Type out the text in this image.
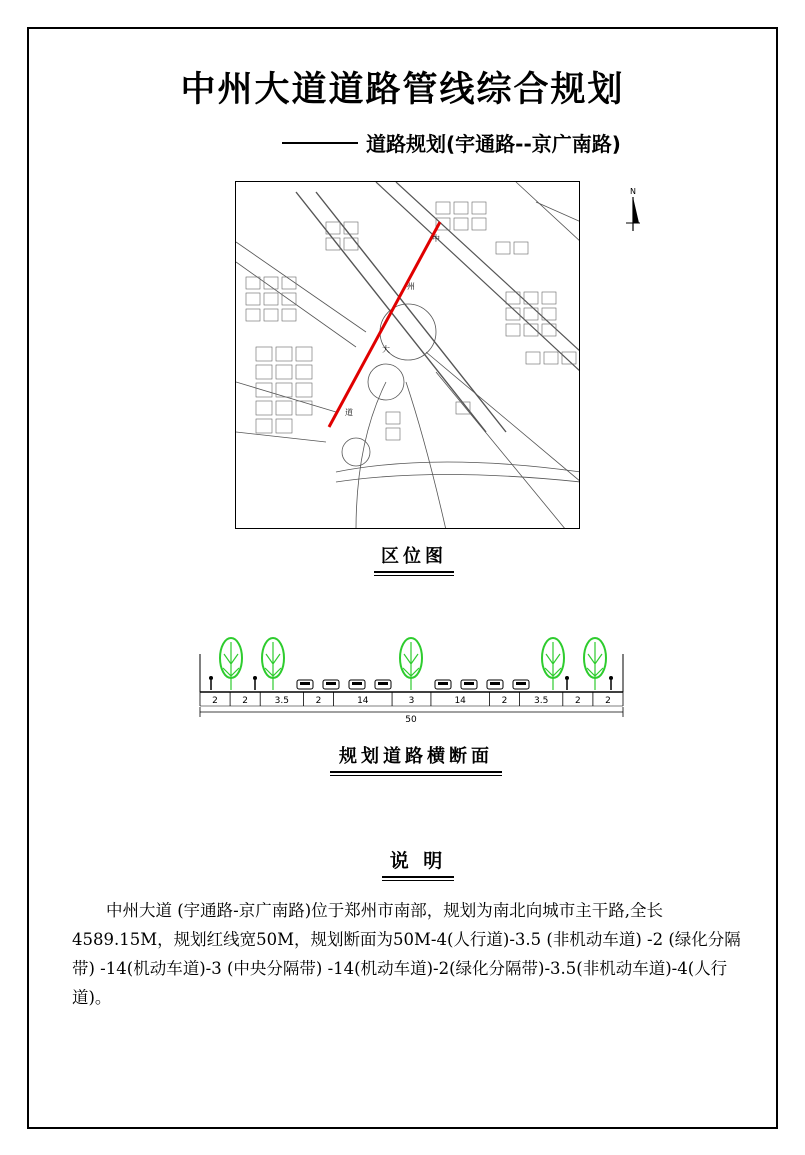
中州大道道路管线综合规划
道路规划(宇通路--京广南路)
中
州
大
道
N
区位图
2	2	3.5	2	14	3	14	2	3.5	2	2
50
规划道路横断面
说 明
中州大道 (宇通路-京广南路)位于郑州市南部，规划为南北向城市主干路,全长4589.15M，规划红线宽50M，规划断面为50M-4(人行道)-3.5 (非机动车道) -2 (绿化分隔带) -14(机动车道)-3 (中央分隔带) -14(机动车道)-2(绿化分隔带)-3.5(非机动车道)-4(人行道)。
